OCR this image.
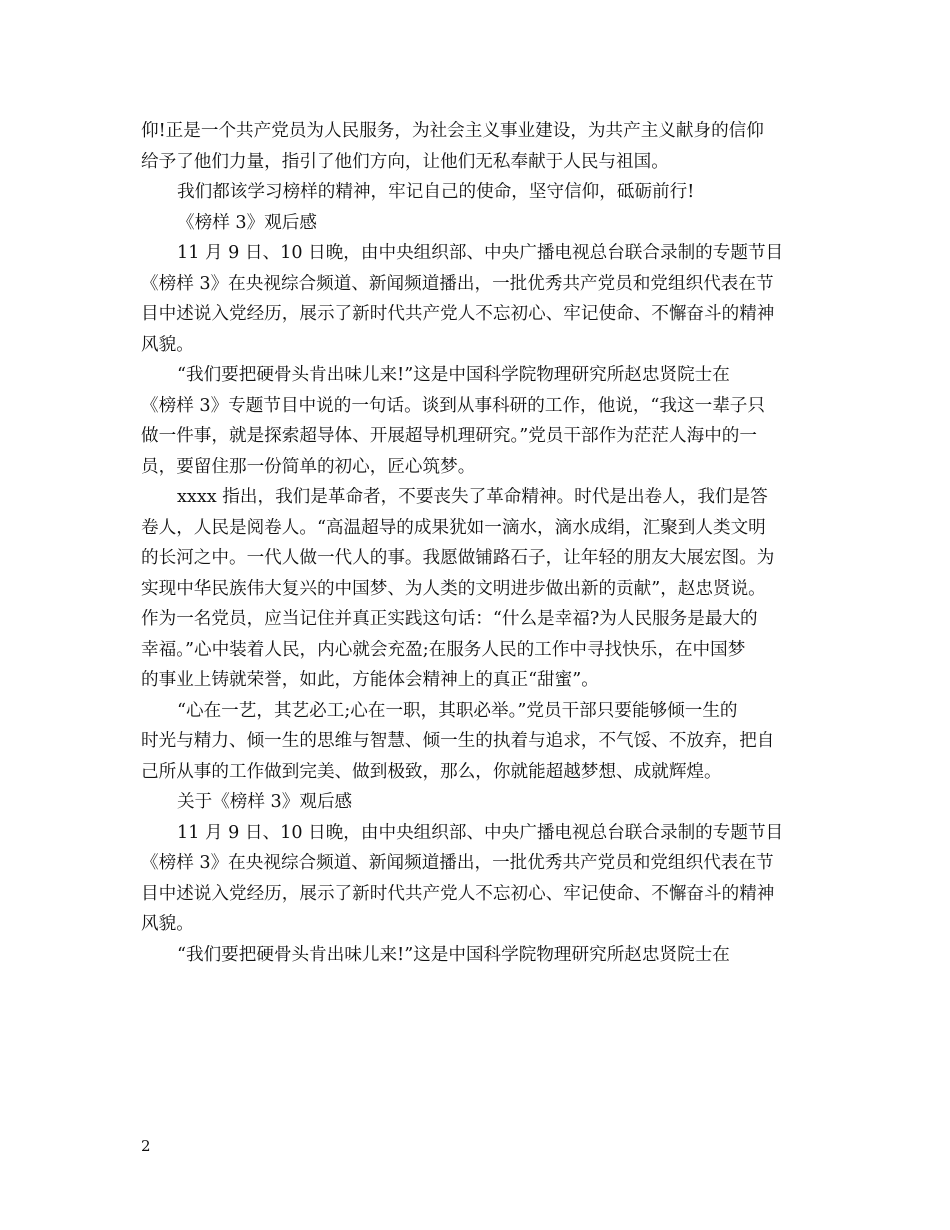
仰!正是一个共产党员为人民服务，为社会主义事业建设，为共产主义献身的信仰
给予了他们力量，指引了他们方向，让他们无私奉献于人民与祖国。
我们都该学习榜样的精神，牢记自己的使命，坚守信仰，砥砺前行!
《榜样 3》观后感
11 月 9 日、10 日晚，由中央组织部、中央广播电视总台联合录制的专题节目
《榜样 3》在央视综合频道、新闻频道播出，一批优秀共产党员和党组织代表在节
目中述说入党经历，展示了新时代共产党人不忘初心、牢记使命、不懈奋斗的精神
风貌。
“我们要把硬骨头肯出味儿来!”这是中国科学院物理研究所赵忠贤院士在
《榜样 3》专题节目中说的一句话。谈到从事科研的工作，他说，“我这一辈子只
做一件事，就是探索超导体、开展超导机理研究。”党员干部作为茫茫人海中的一
员，要留住那一份简单的初心，匠心筑梦。
xxxx 指出，我们是革命者，不要丧失了革命精神。时代是出卷人，我们是答
卷人，人民是阅卷人。“高温超导的成果犹如一滴水，滴水成绢，汇聚到人类文明
的长河之中。一代人做一代人的事。我愿做铺路石子，让年轻的朋友大展宏图。为
实现中华民族伟大复兴的中国梦、为人类的文明进步做出新的贡献”，赵忠贤说。
作为一名党员，应当记住并真正实践这句话：“什么是幸福?为人民服务是最大的
幸福。”心中装着人民，内心就会充盈;在服务人民的工作中寻找快乐，在中国梦
的事业上铸就荣誉，如此，方能体会精神上的真正“甜蜜”。
“心在一艺，其艺必工;心在一职，其职必举。”党员干部只要能够倾一生的
时光与精力、倾一生的思维与智慧、倾一生的执着与追求，不气馁、不放弃，把自
己所从事的工作做到完美、做到极致，那么，你就能超越梦想、成就辉煌。
关于《榜样 3》观后感
11 月 9 日、10 日晚，由中央组织部、中央广播电视总台联合录制的专题节目
《榜样 3》在央视综合频道、新闻频道播出，一批优秀共产党员和党组织代表在节
目中述说入党经历，展示了新时代共产党人不忘初心、牢记使命、不懈奋斗的精神
风貌。
“我们要把硬骨头肯出味儿来!”这是中国科学院物理研究所赵忠贤院士在
2
